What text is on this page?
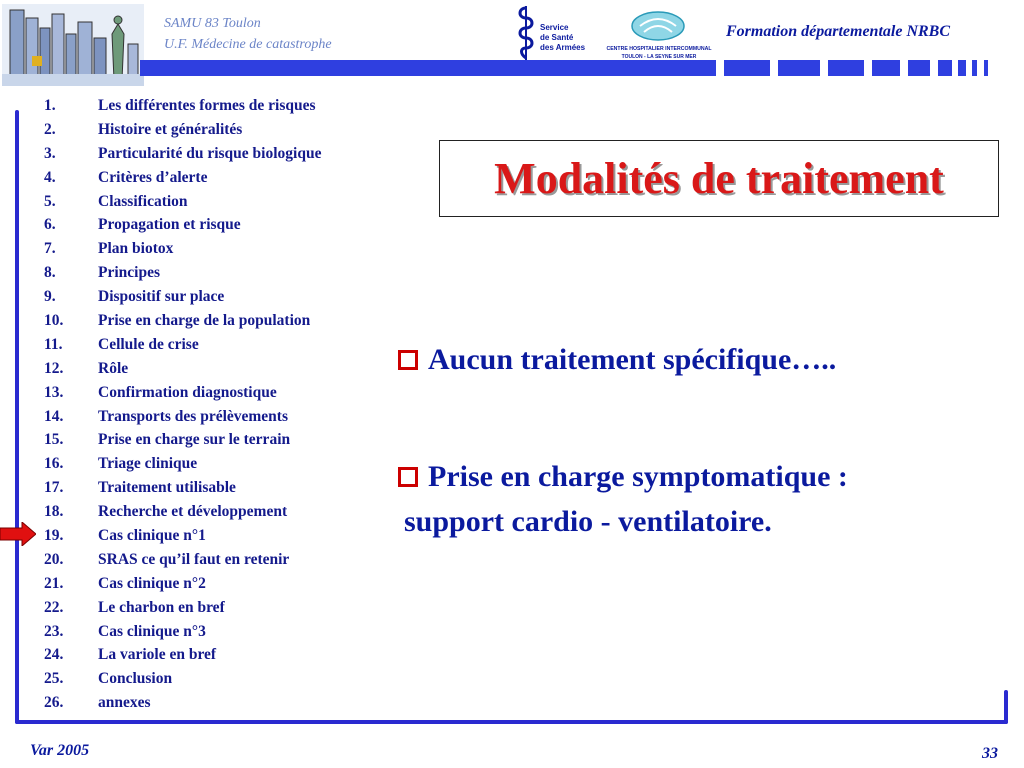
SAMU 83 Toulon
U.F. Médecine de catastrophe
Service
de Santé
des Armées	CENTRE HOSPITALIER INTERCOMMUNAL
TOULON - LA SEYNE SUR MER
Formation départementale NRBC
1.	Les différentes formes de risques
2.	Histoire et généralités
3.	Particularité du risque biologique
4.	Critères d’alerte
5.	Classification
6.	Propagation et risque
7.	Plan biotox
8.	Principes
9.	Dispositif sur place
10.	Prise en charge de la population
11.	Cellule de crise
12.	Rôle
13.	Confirmation diagnostique
14.	Transports des prélèvements
15.	Prise en charge sur le terrain
16.	Triage clinique
17.	Traitement utilisable
18.	Recherche et développement
19.	Cas clinique n°1
20.	SRAS ce qu’il faut en retenir
21.	Cas clinique n°2
22.	Le charbon en bref
23.	Cas clinique n°3
24.	La variole en bref
25.	Conclusion
26.	annexes
Modalités de traitement
Aucun traitement spécifique…..
Prise en charge symptomatique :
support cardio - ventilatoire.
Var 2005	33
